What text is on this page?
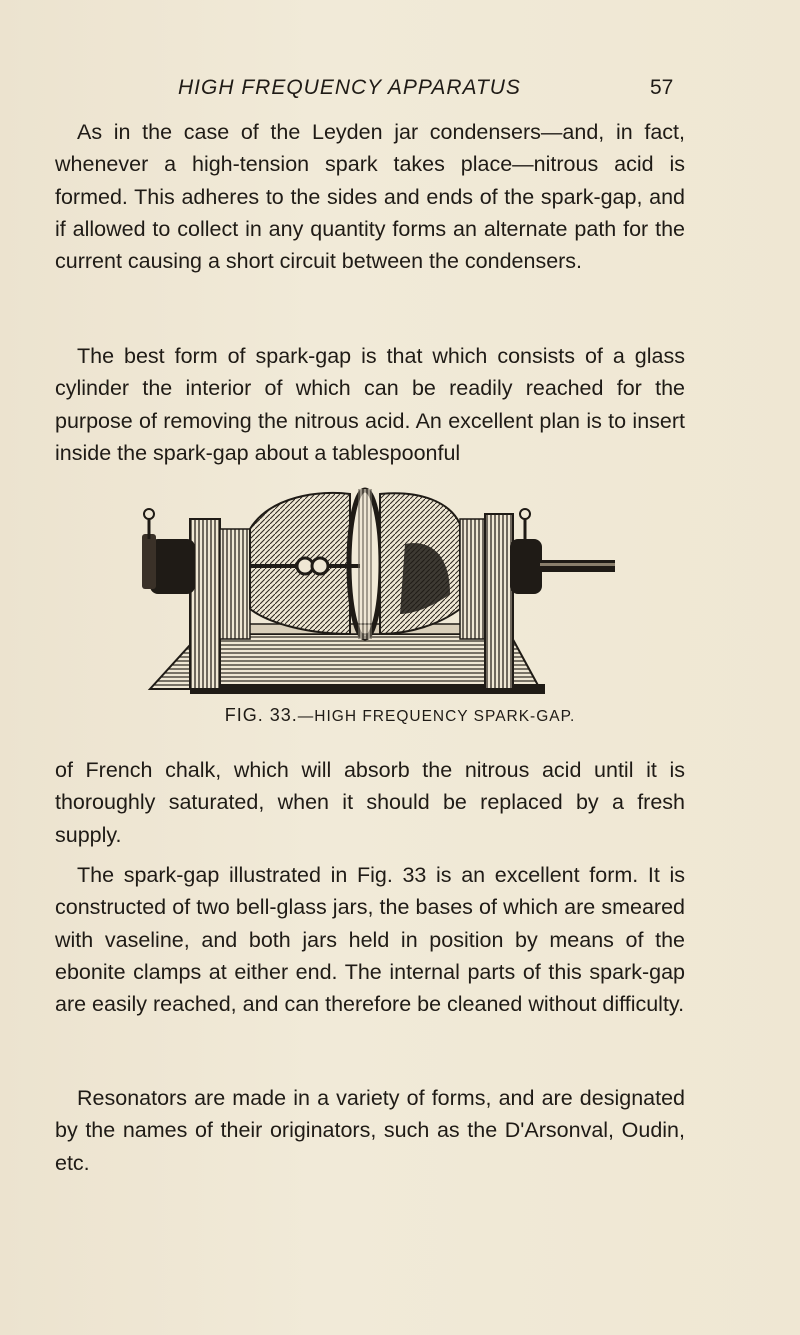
HIGH FREQUENCY APPARATUS	57

As in the case of the Leyden jar condensers—and, in fact, whenever a high-tension spark takes place—nitrous acid is formed. This adheres to the sides and ends of the spark-gap, and if allowed to collect in any quantity forms an alternate path for the current causing a short circuit between the condensers.

The best form of spark-gap is that which consists of a glass cylinder the interior of which can be readily reached for the purpose of removing the nitrous acid. An excellent plan is to insert inside the spark-gap about a tablespoonful

FIG. 33.—HIGH FREQUENCY SPARK-GAP.

of French chalk, which will absorb the nitrous acid until it is thoroughly saturated, when it should be replaced by a fresh supply.

The spark-gap illustrated in Fig. 33 is an excellent form. It is constructed of two bell-glass jars, the bases of which are smeared with vaseline, and both jars held in position by means of the ebonite clamps at either end. The internal parts of this spark-gap are easily reached, and can therefore be cleaned without difficulty.

Resonators are made in a variety of forms, and are designated by the names of their originators, such as the D'Arsonval, Oudin, etc.
